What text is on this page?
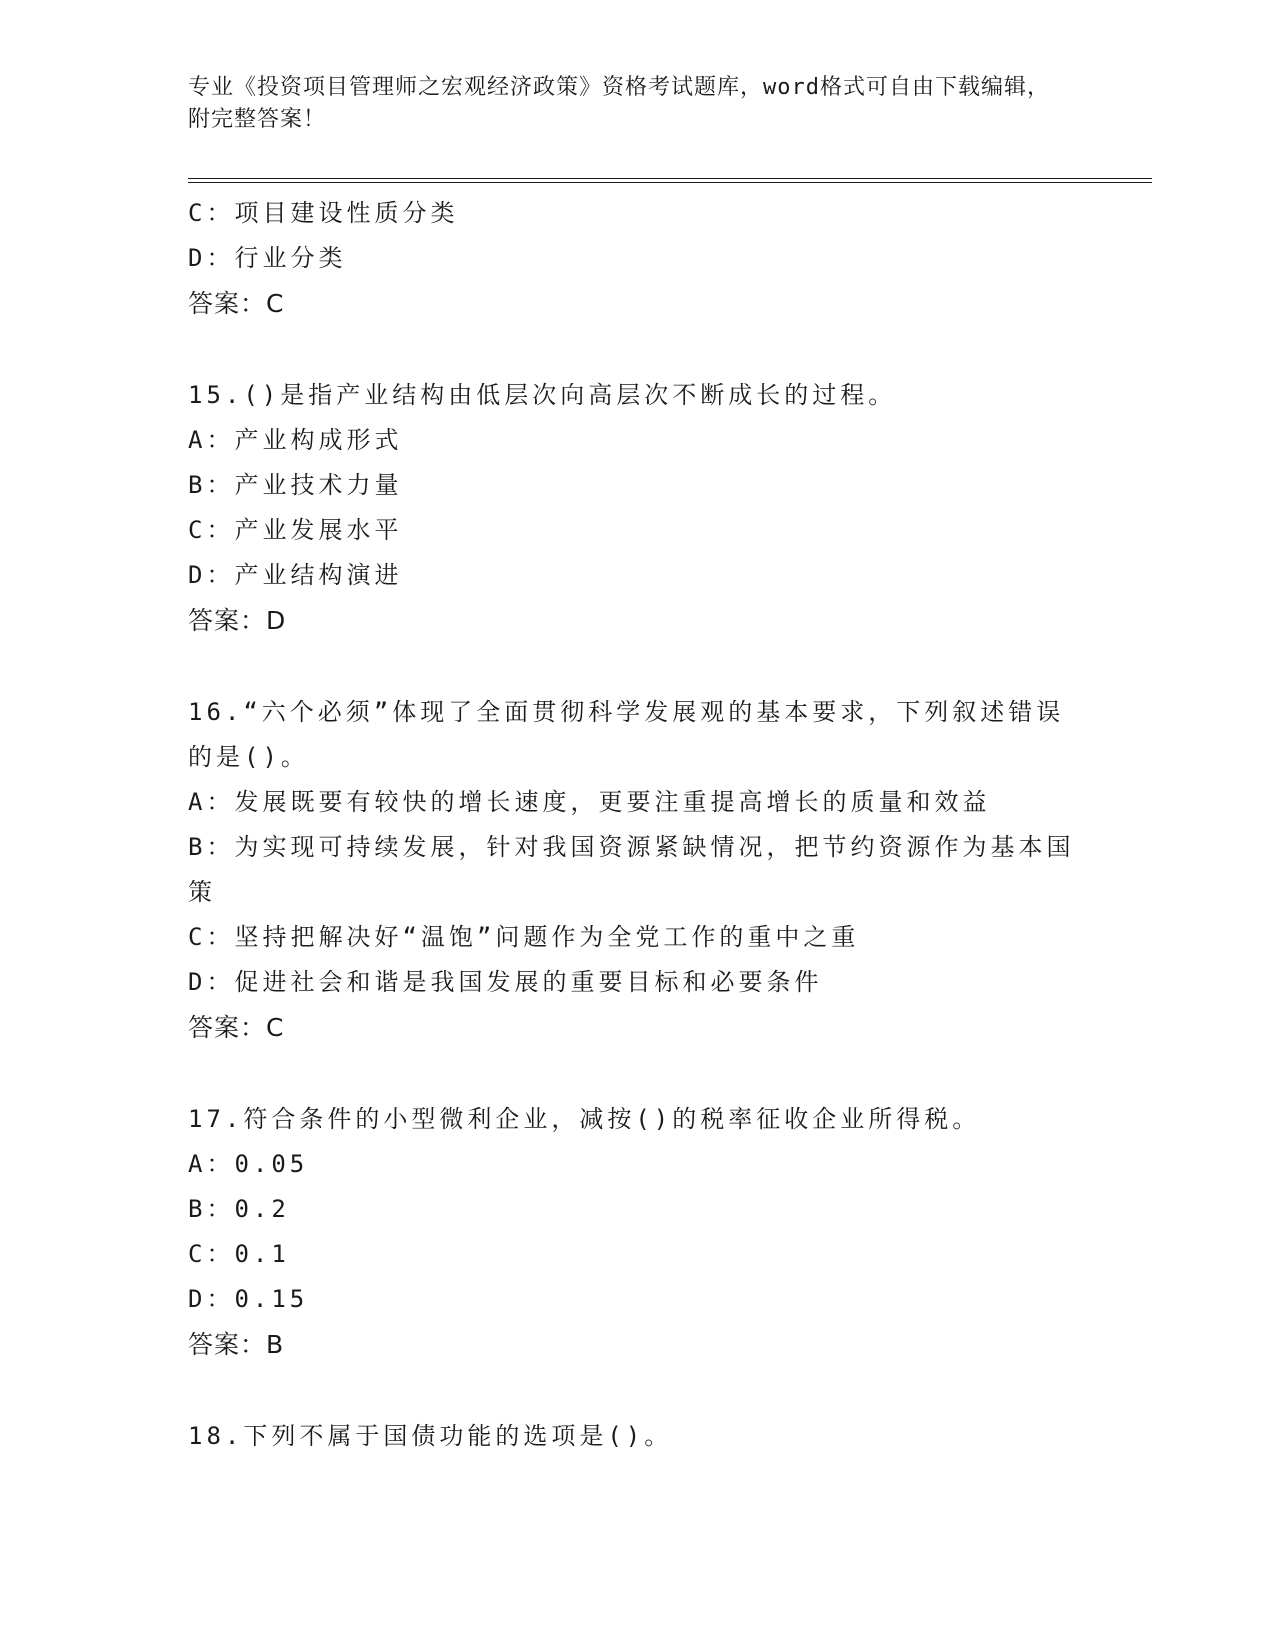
专业《投资项目管理师之宏观经济政策》资格考试题库，word格式可自由下载编辑，附完整答案！
C：项目建设性质分类
D：行业分类
答案：C
15.()是指产业结构由低层次向高层次不断成长的过程。
A：产业构成形式
B：产业技术力量
C：产业发展水平
D：产业结构演进
答案：D
16.“六个必须”体现了全面贯彻科学发展观的基本要求，下列叙述错误的是()。
A：发展既要有较快的增长速度，更要注重提高增长的质量和效益
B：为实现可持续发展，针对我国资源紧缺情况，把节约资源作为基本国策
C：坚持把解决好“温饱”问题作为全党工作的重中之重
D：促进社会和谐是我国发展的重要目标和必要条件
答案：C
17.符合条件的小型微利企业，减按()的税率征收企业所得税。
A：0.05
B：0.2
C：0.1
D：0.15
答案：B
18.下列不属于国债功能的选项是()。
